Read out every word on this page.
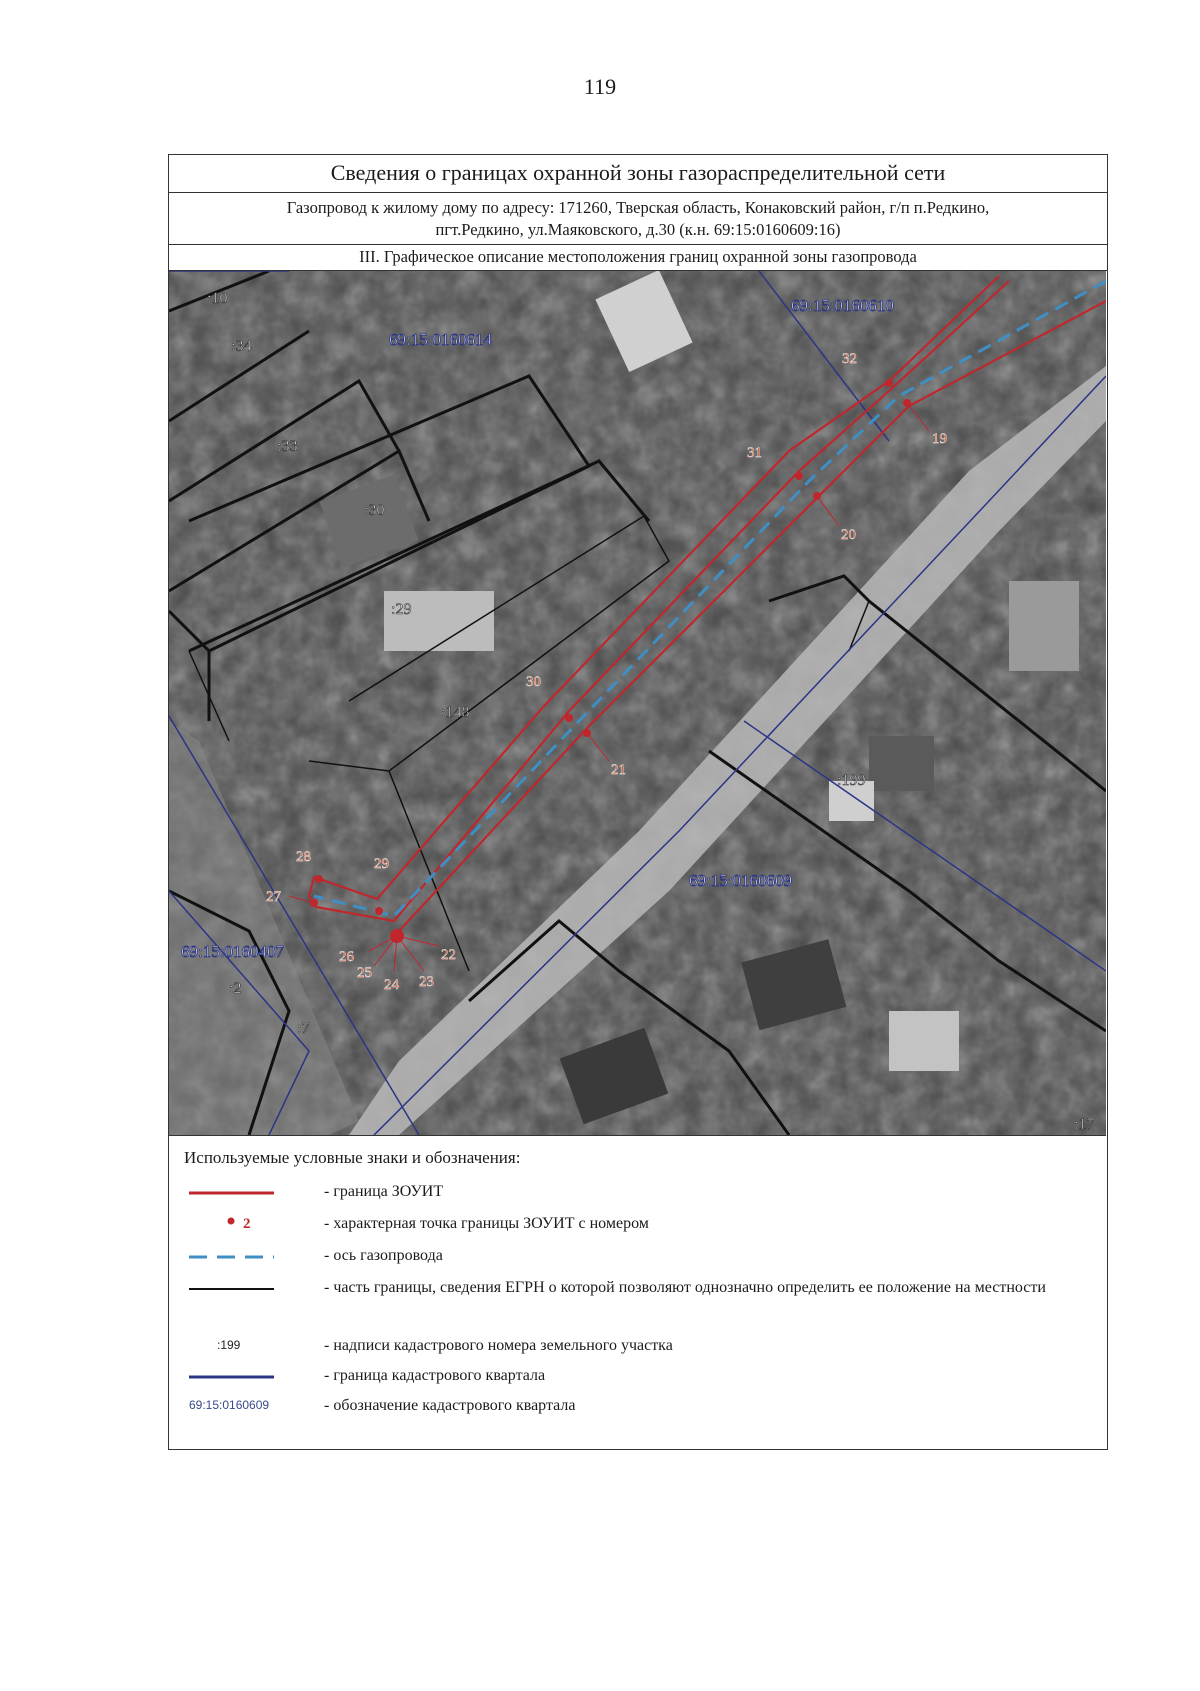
119
Сведения о границах охранной зоны газораспределительной сети
Газопровод к жилому дому по адресу: 171260, Тверская область, Конаковский район, г/п п.Редкино,
пгт.Редкино, ул.Маяковского, д.30 (к.н. 69:15:0160609:16)
III. Графическое описание местоположения границ охранной зоны газопровода
19
20
21
22
23
24
25
26
27
28	29
30
31
32
69:15:0160610
69:15:0160614
69:15:0160609
69:15:0160407
:10
:34
:33
:30
:29
:148
:199
:2
:7
:17
Используемые условные знаки и обозначения:
- граница ЗОУИТ
2	- характерная точка границы ЗОУИТ с номером
- ось газопровода
- часть границы, сведения ЕГРН о которой позволяют однозначно определить ее положение на местности
:199	- надписи кадастрового номера земельного участка
- граница кадастрового квартала
69:15:0160609	- обозначение кадастрового квартала
